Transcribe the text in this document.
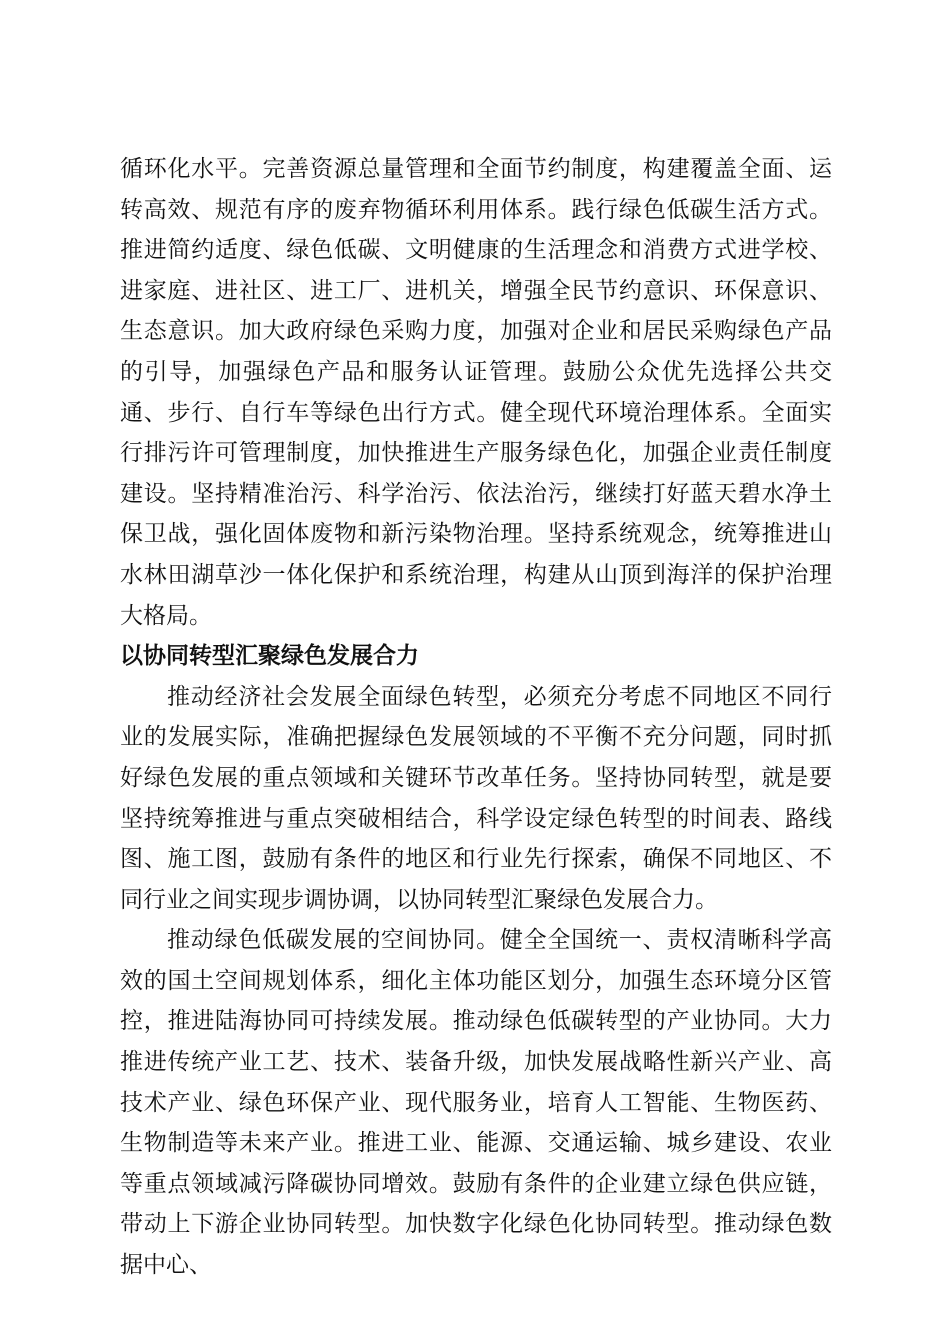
循环化水平。完善资源总量管理和全面节约制度，构建覆盖全面、运转高效、规范有序的废弃物循环利用体系。践行绿色低碳生活方式。推进简约适度、绿色低碳、文明健康的生活理念和消费方式进学校、进家庭、进社区、进工厂、进机关，增强全民节约意识、环保意识、生态意识。加大政府绿色采购力度，加强对企业和居民采购绿色产品的引导，加强绿色产品和服务认证管理。鼓励公众优先选择公共交通、步行、自行车等绿色出行方式。健全现代环境治理体系。全面实行排污许可管理制度，加快推进生产服务绿色化，加强企业责任制度建设。坚持精准治污、科学治污、依法治污，继续打好蓝天碧水净土保卫战，强化固体废物和新污染物治理。坚持系统观念，统筹推进山水林田湖草沙一体化保护和系统治理，构建从山顶到海洋的保护治理大格局。

以协同转型汇聚绿色发展合力

推动经济社会发展全面绿色转型，必须充分考虑不同地区不同行业的发展实际，准确把握绿色发展领域的不平衡不充分问题，同时抓好绿色发展的重点领域和关键环节改革任务。坚持协同转型，就是要坚持统筹推进与重点突破相结合，科学设定绿色转型的时间表、路线图、施工图，鼓励有条件的地区和行业先行探索，确保不同地区、不同行业之间实现步调协调，以协同转型汇聚绿色发展合力。

推动绿色低碳发展的空间协同。健全全国统一、责权清晰科学高效的国土空间规划体系，细化主体功能区划分，加强生态环境分区管控，推进陆海协同可持续发展。推动绿色低碳转型的产业协同。大力推进传统产业工艺、技术、装备升级，加快发展战略性新兴产业、高技术产业、绿色环保产业、现代服务业，培育人工智能、生物医药、生物制造等未来产业。推进工业、能源、交通运输、城乡建设、农业等重点领域减污降碳协同增效。鼓励有条件的企业建立绿色供应链，带动上下游企业协同转型。加快数字化绿色化协同转型。推动绿色数据中心、
